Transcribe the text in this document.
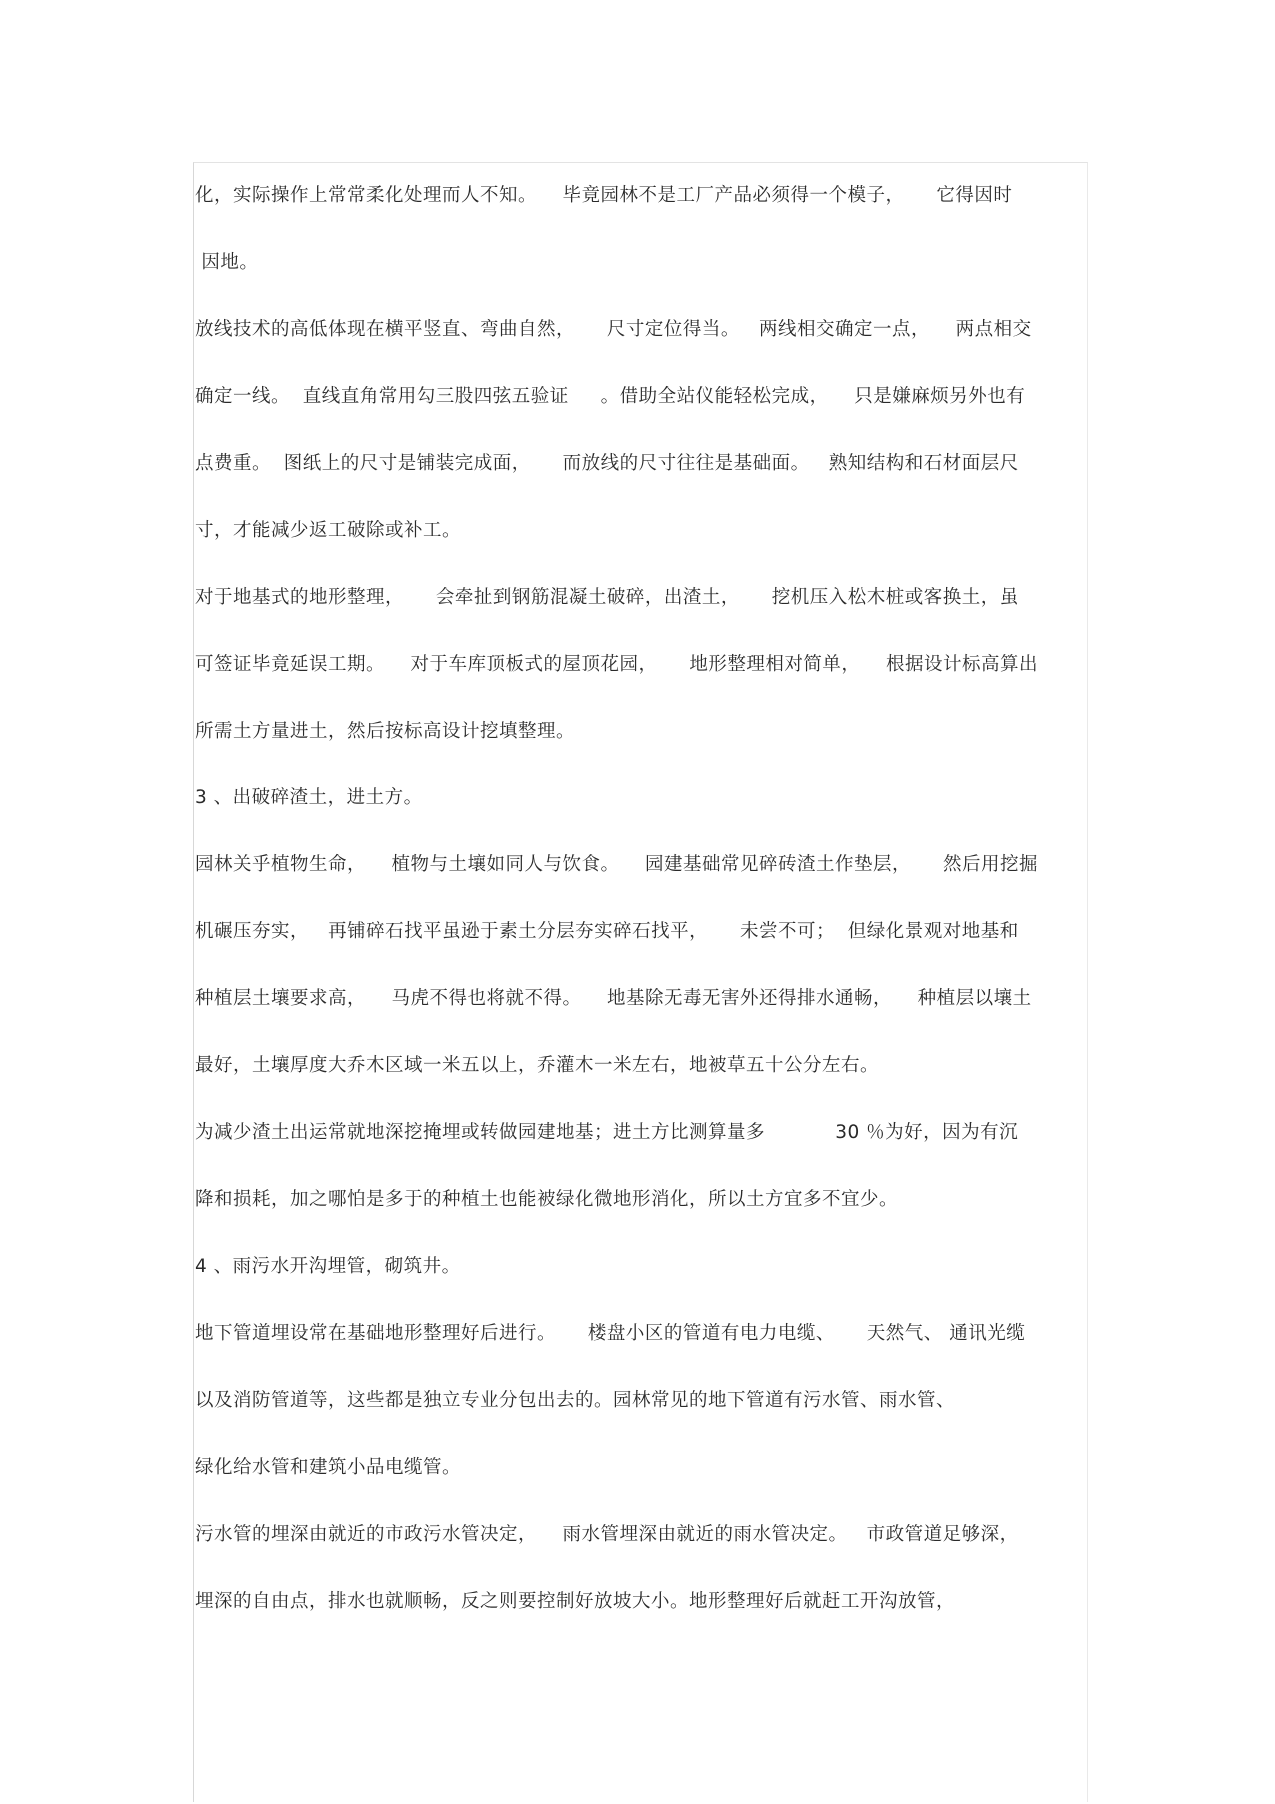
化，实际操作上常常柔化处理而人不知。    毕竟园林不是工厂产品必须得一个模子，     它得因时
因地。
放线技术的高低体现在横平竖直、弯曲自然，     尺寸定位得当。   两线相交确定一点，    两点相交
确定一线。  直线直角常用勾三股四弦五验证     。借助全站仪能轻松完成，    只是嫌麻烦另外也有
点费重。  图纸上的尺寸是铺装完成面，     而放线的尺寸往往是基础面。   熟知结构和石材面层尺
寸，才能减少返工破除或补工。
对于地基式的地形整理，     会牵扯到钢筋混凝土破碎，出渣土，     挖机压入松木桩或客换土，虽
可签证毕竟延误工期。    对于车库顶板式的屋顶花园，     地形整理相对简单，    根据设计标高算出
所需土方量进土，然后按标高设计挖填整理。
3 、出破碎渣土，进土方。
园林关乎植物生命，    植物与土壤如同人与饮食。    园建基础常见碎砖渣土作垫层，     然后用挖掘
机碾压夯实，   再铺碎石找平虽逊于素土分层夯实碎石找平，     未尝不可；  但绿化景观对地基和
种植层土壤要求高，    马虎不得也将就不得。    地基除无毒无害外还得排水通畅，    种植层以壤土
最好，土壤厚度大乔木区域一米五以上，乔灌木一米左右，地被草五十公分左右。
为减少渣土出运常就地深挖掩埋或转做园建地基；进土方比测算量多           30 ％为好，因为有沉
降和损耗，加之哪怕是多于的种植土也能被绿化微地形消化，所以土方宜多不宜少。
4 、雨污水开沟埋管，砌筑井。
地下管道埋设常在基础地形整理好后进行。     楼盘小区的管道有电力电缆、     天然气、 通讯光缆
以及消防管道等，这些都是独立专业分包出去的。园林常见的地下管道有污水管、雨水管、
绿化给水管和建筑小品电缆管。
污水管的埋深由就近的市政污水管决定，    雨水管埋深由就近的雨水管决定。   市政管道足够深，
埋深的自由点，排水也就顺畅，反之则要控制好放坡大小。地形整理好后就赶工开沟放管，
